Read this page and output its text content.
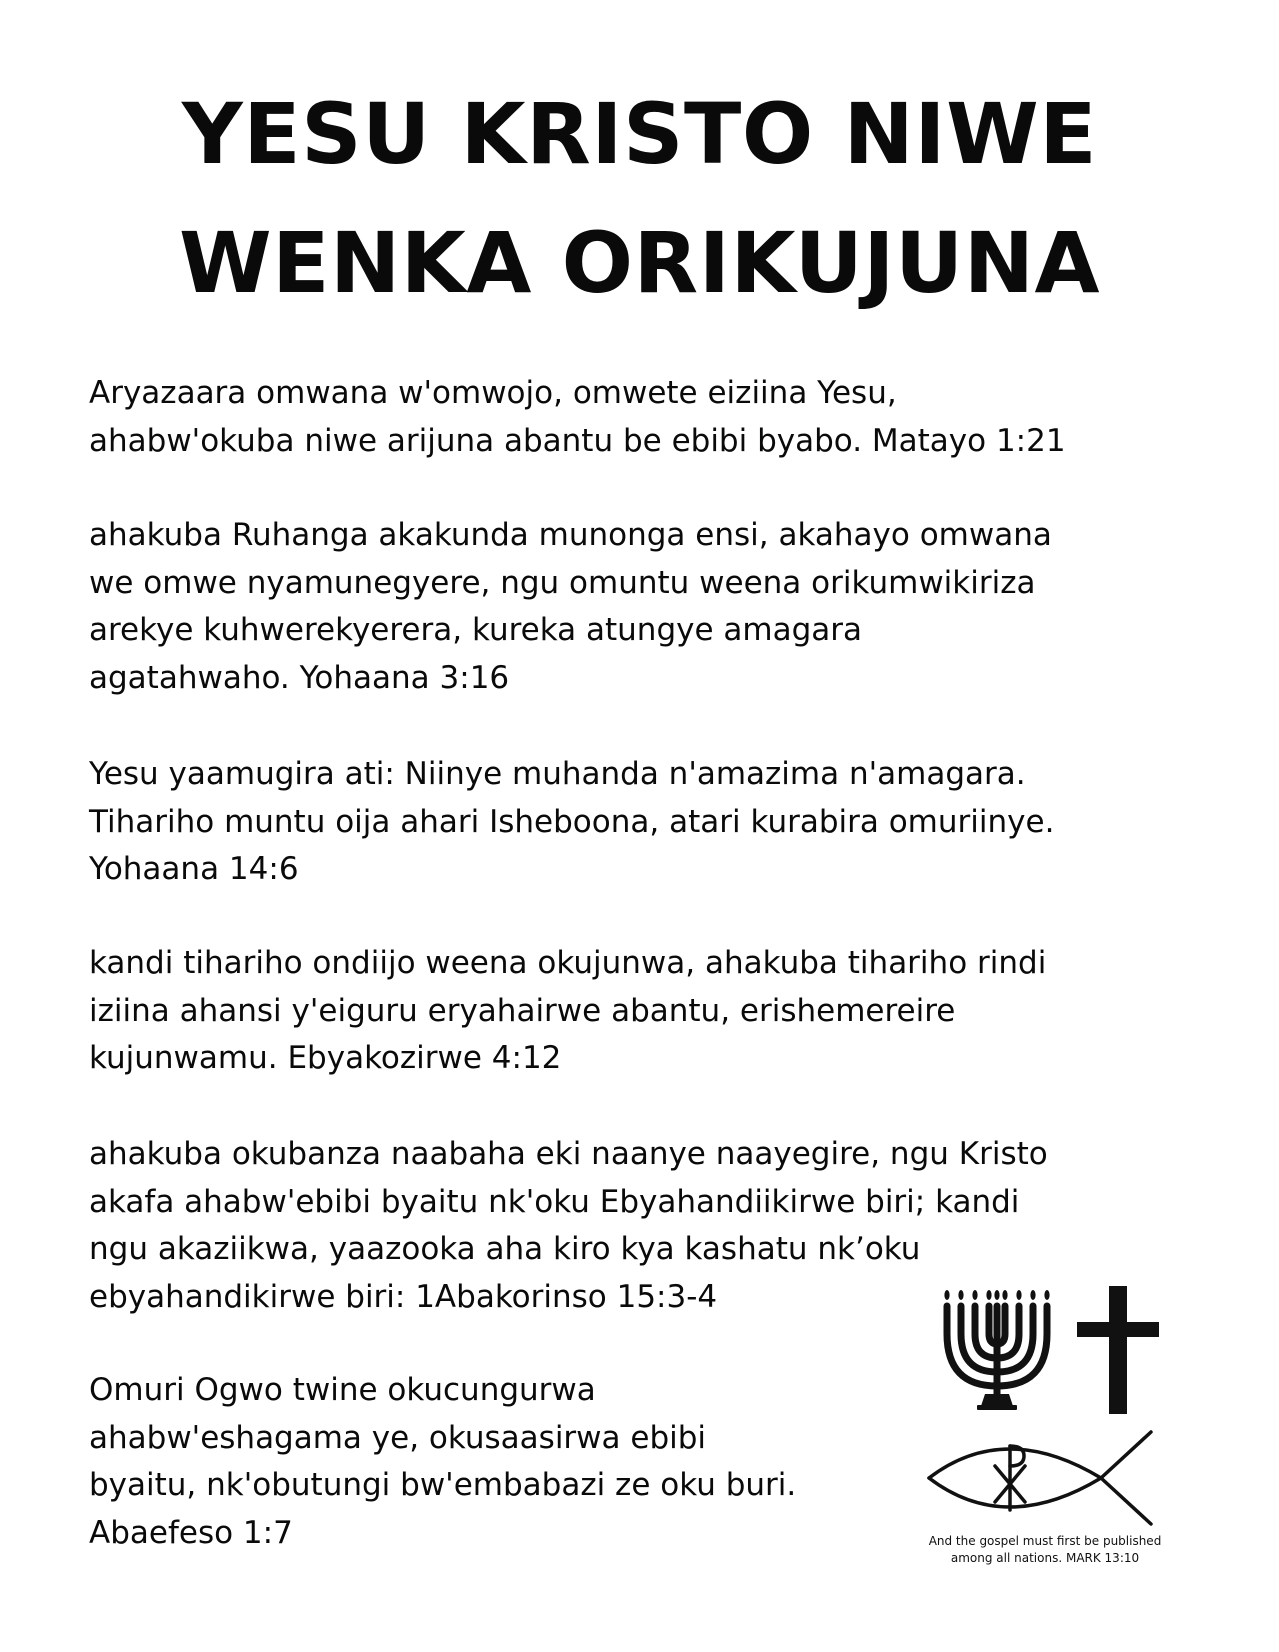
YESU KRISTO NIWE
WENKA ORIKUJUNA

Aryazaara omwana w'omwojo, omwete eiziina Yesu,
ahabw'okuba niwe arijuna abantu be ebibi byabo. Matayo 1:21

ahakuba Ruhanga akakunda munonga ensi, akahayo omwana
we omwe nyamunegyere, ngu omuntu weena orikumwikiriza
arekye kuhwerekyerera, kureka atungye amagara
agatahwaho. Yohaana 3:16

Yesu yaamugira ati: Niinye muhanda n'amazima n'amagara.
Tihariho muntu oija ahari Isheboona, atari kurabira omuriinye.
Yohaana 14:6

kandi tihariho ondiijo weena okujunwa, ahakuba tihariho rindi
iziina ahansi y'eiguru eryahairwe abantu, erishemereire
kujunwamu. Ebyakozirwe 4:12

ahakuba okubanza naabaha eki naanye naayegire, ngu Kristo
akafa ahabw'ebibi byaitu nk'oku Ebyahandiikirwe biri; kandi
ngu akaziikwa, yaazooka aha kiro kya kashatu nk’oku
ebyahandikirwe biri: 1Abakorinso 15:3-4

Omuri Ogwo twine okucungurwa
ahabw'eshagama ye, okusaasirwa ebibi
byaitu, nk'obutungi bw'embabazi ze oku buri.
Abaefeso 1:7	And the gospel must first be published
among all nations. MARK 13:10
